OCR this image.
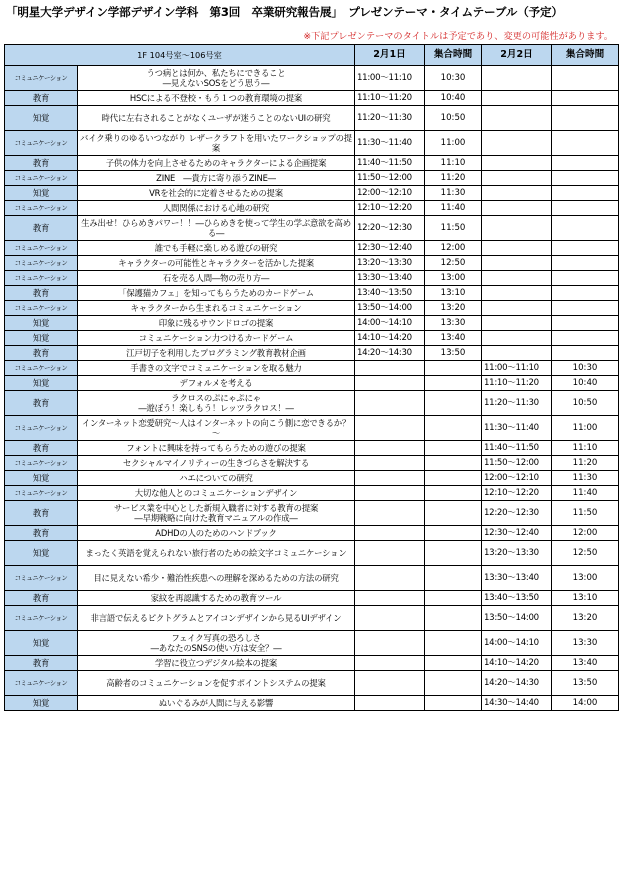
「明星大学デザイン学部デザイン学科　第3回　卒業研究報告展」　プレゼンテーマ・タイムテーブル（予定）
※下記プレゼンテーマのタイトルは予定であり、変更の可能性があります。
1F 104号室～106号室		2月1日	集合時間	2月2日	集合時間
コミュニケーション	うつ病とは何か、私たちにできること
―見えないSOSをどう思う―	11:00～11:10	10:30		
教育	HSCによる不登校・もう１つの教育環境の提案	11:10～11:20	10:40		
知覚	時代に左右されることがなくユーザが迷うことのないUIの研究	11:20～11:30	10:50		
コミュニケーション	バイク乗りのゆるいつながり レザークラフトを用いたワークショップの提案	11:30～11:40	11:00		
教育	子供の体力を向上させるためのキャラクターによる企画提案	11:40～11:50	11:10		
コミュニケーション	ZINE　―貴方に寄り添うZINE―	11:50～12:00	11:20		
知覚	VRを社会的に定着させるための提案	12:00～12:10	11:30		
コミュニケーション	人間関係における心地の研究	12:10～12:20	11:40		
教育	生み出せ！ひらめきパワー！！―ひらめきを使って学生の学ぶ意欲を高める―	12:20～12:30	11:50		
コミュニケーション	誰でも手軽に楽しめる遊びの研究	12:30～12:40	12:00		
コミュニケーション	キャラクターの可能性とキャラクターを活かした提案	13:20～13:30	12:50		
コミュニケーション	石を売る人間―物の売り方―	13:30～13:40	13:00		
教育	「保護猫カフェ」を知ってもらうためのカードゲーム	13:40～13:50	13:10		
コミュニケーション	キャラクターから生まれるコミュニケーション	13:50～14:00	13:20		
知覚	印象に残るサウンドロゴの提案	14:00～14:10	13:30		
知覚	コミュニケーション力つけるカードゲーム	14:10～14:20	13:40		
教育	江戸切子を利用したプログラミング教育教材企画	14:20～14:30	13:50		
コミュニケーション	手書きの文字でコミュニケーションを取る魅力			11:00～11:10	10:30
知覚	デフォルメを考える			11:10～11:20	10:40
教育	ラクロスのぷにゃぷにゃ
―遊ぼう！楽しもう！レッツラクロス！―			11:20～11:30	10:50
コミュニケーション	インターネット恋愛研究～人はインターネットの向こう側に恋できるか？～			11:30～11:40	11:00
教育	フォントに興味を持ってもらうための遊びの提案			11:40～11:50	11:10
コミュニケーション	セクシャルマイノリティーの生きづらさを解決する			11:50～12:00	11:20
知覚	ハエについての研究			12:00～12:10	11:30
コミュニケーション	大切な他人とのコミュニケーションデザイン			12:10～12:20	11:40
教育	サービス業を中心とした新規入職者に対する教育の提案
―早期戦略に向けた教育マニュアルの作成―			12:20～12:30	11:50
教育	ADHDの人のためのハンドブック			12:30～12:40	12:00
知覚	まったく英語を覚えられない旅行者のための絵文字コミュニケーション			13:20～13:30	12:50
コミュニケーション	目に見えない希少・難治性疾患への理解を深めるための方法の研究			13:30～13:40	13:00
教育	家紋を再認識するための教育ツール			13:40～13:50	13:10
コミュニケーション	非言語で伝えるピクトグラムとアイコンデザインから見るUIデザイン			13:50～14:00	13:20
知覚	フェイク写真の恐ろしさ
―あなたのSNSの使い方は安全？―			14:00～14:10	13:30
教育	学習に役立つデジタル絵本の提案			14:10～14:20	13:40
コミュニケーション	高齢者のコミュニケーションを促すポイントシステムの提案			14:20～14:30	13:50
知覚	ぬいぐるみが人間に与える影響			14:30～14:40	14:00
